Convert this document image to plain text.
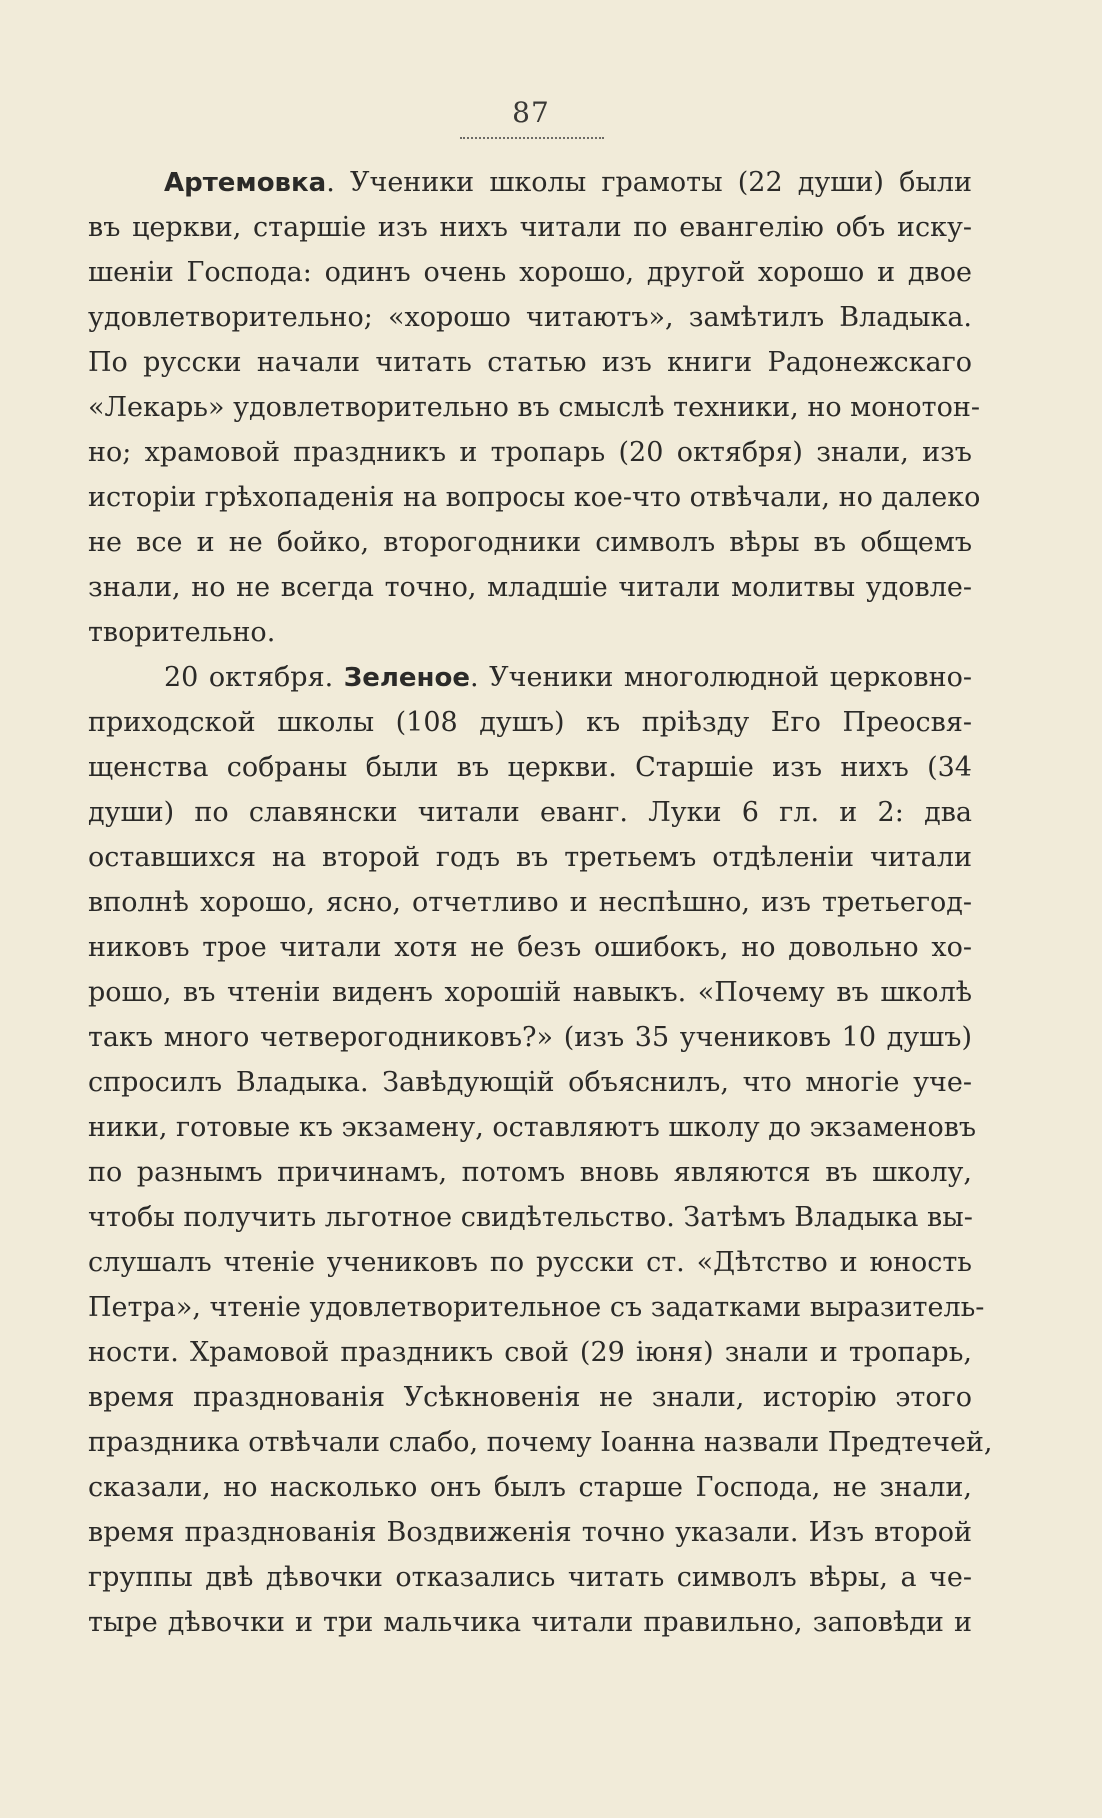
87
Артемовка. Ученики школы грамоты (22 души) были
въ церкви, старшіе изъ нихъ читали по евангелію объ иску-
шеніи Господа: одинъ очень хорошо, другой хорошо и двое
удовлетворительно; «хорошо читаютъ», замѣтилъ Владыка.
По русски начали читать статью изъ книги Радонежскаго
«Лекарь» удовлетворительно въ смыслѣ техники, но монотон-
но; храмовой праздникъ и тропарь (20 октября) знали, изъ
исторіи грѣхопаденія на вопросы кое-что отвѣчали, но далеко
не все и не бойко, второгодники символъ вѣры въ общемъ
знали, но не всегда точно, младшіе читали молитвы удовле-
творительно.
20 октября. Зеленое. Ученики многолюдной церковно-
приходской школы (108 душъ) къ пріѣзду Его Преосвя-
щенства собраны были въ церкви. Старшіе изъ нихъ (34
души) по славянски читали еванг. Луки 6 гл. и 2: два
оставшихся на второй годъ въ третьемъ отдѣленіи читали
вполнѣ хорошо, ясно, отчетливо и неспѣшно, изъ третьегод-
никовъ трое читали хотя не безъ ошибокъ, но довольно хо-
рошо, въ чтеніи виденъ хорошій навыкъ. «Почему въ школѣ
такъ много четверогодниковъ?» (изъ 35 учениковъ 10 душъ)
спросилъ Владыка. Завѣдующій объяснилъ, что многіе уче-
ники, готовые къ экзамену, оставляютъ школу до экзаменовъ
по разнымъ причинамъ, потомъ вновь являются въ школу,
чтобы получить льготное свидѣтельство. Затѣмъ Владыка вы-
слушалъ чтеніе учениковъ по русски ст. «Дѣтство и юность
Петра», чтеніе удовлетворительное съ задатками выразитель-
ности. Храмовой праздникъ свой (29 іюня) знали и тропарь,
время празднованія Усѣкновенія не знали, исторію этого
праздника отвѣчали слабо, почему Іоанна назвали Предтечей,
сказали, но насколько онъ былъ старше Господа, не знали,
время празднованія Воздвиженія точно указали. Изъ второй
группы двѣ дѣвочки отказались читать символъ вѣры, а че-
тыре дѣвочки и три мальчика читали правильно, заповѣди и
